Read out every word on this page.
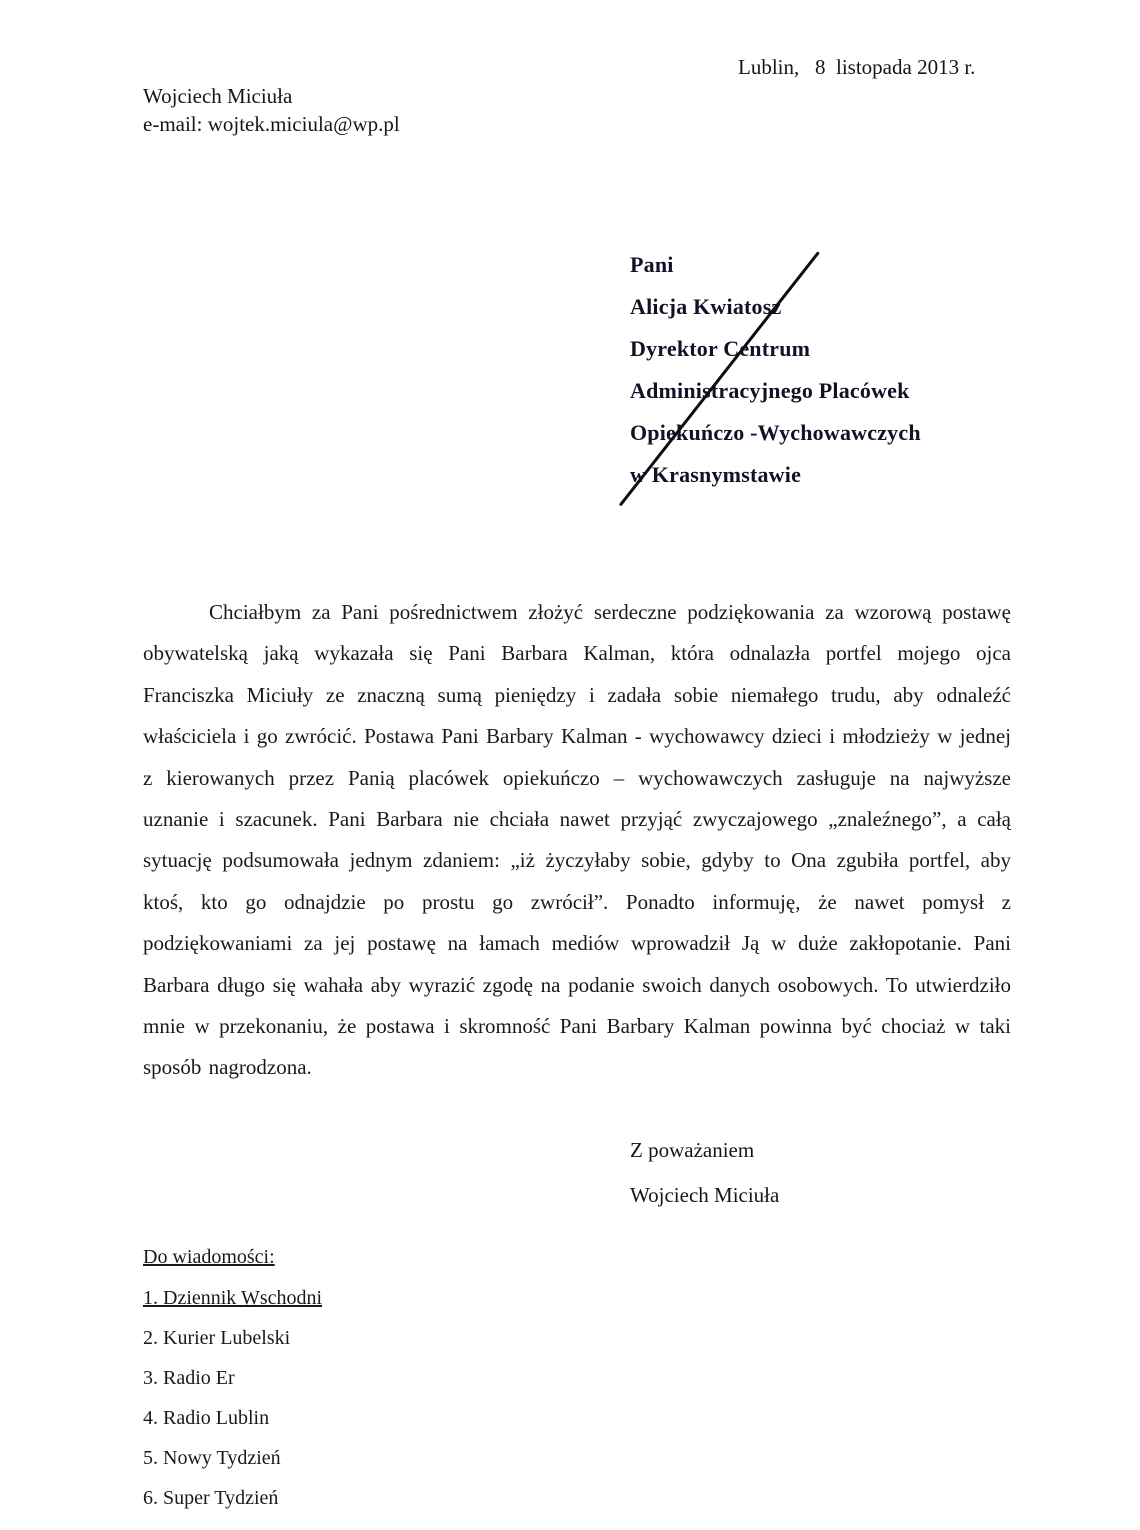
Lublin,   8  listopada 2013 r.
Wojciech Miciuła
e-mail: wojtek.miciula@wp.pl
Pani
Alicja Kwiatosz
Dyrektor Centrum
Administracyjnego Placówek
Opiekuńczo -Wychowawczych
w Krasnymstawie

Chciałbym za Pani pośrednictwem złożyć serdeczne podziękowania za wzorową postawę obywatelską jaką wykazała się Pani Barbara Kalman, która odnalazła portfel mojego ojca Franciszka Miciuły ze znaczną sumą pieniędzy i zadała sobie niemałego trudu, aby odnaleźć właściciela i go zwrócić. Postawa Pani Barbary Kalman - wychowawcy dzieci i młodzieży w jednej z kierowanych przez Panią placówek opiekuńczo – wychowawczych zasługuje na najwyższe uznanie i szacunek. Pani Barbara nie chciała nawet przyjąć zwyczajowego „znaleźnego”, a całą sytuację podsumowała jednym zdaniem: „iż życzyłaby sobie, gdyby to Ona zgubiła portfel, aby ktoś, kto go odnajdzie po prostu go zwrócił”. Ponadto informuję, że nawet pomysł z podziękowaniami za jej postawę na łamach mediów wprowadził Ją w duże zakłopotanie. Pani Barbara długo się wahała aby wyrazić zgodę na podanie swoich danych osobowych. To utwierdziło mnie w przekonaniu, że postawa i skromność Pani Barbary Kalman powinna być chociaż w taki sposób nagrodzona.

Z poważaniem
Wojciech Miciuła
Do wiadomości:
1. Dziennik Wschodni
2. Kurier Lubelski
3. Radio Er
4. Radio Lublin
5. Nowy Tydzień
6. Super Tydzień
